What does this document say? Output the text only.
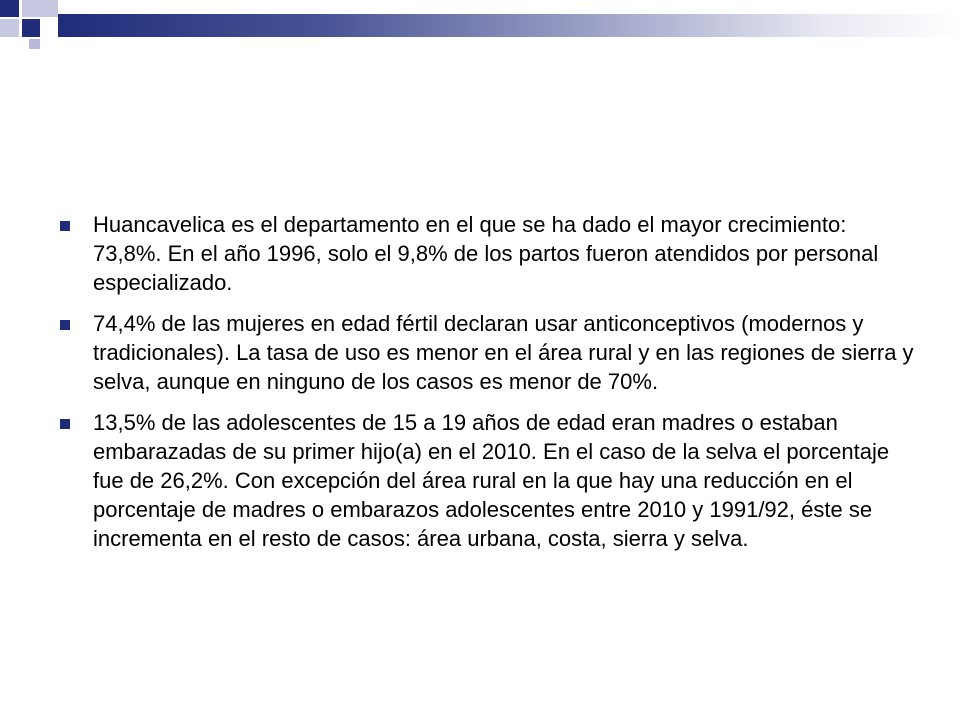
Huancavelica es el departamento en el que se ha dado el mayor crecimiento: 73,8%. En el año 1996, solo el 9,8% de los partos fueron atendidos por personal especializado.
74,4% de las mujeres en edad fértil declaran usar anticonceptivos (modernos y tradicionales). La tasa de uso es menor en el área rural y en las regiones de sierra y selva, aunque en ninguno de los casos es menor de 70%.
13,5% de las adolescentes de 15 a 19 años de edad eran madres o estaban embarazadas de su primer hijo(a) en el 2010. En el caso de la selva el porcentaje fue de 26,2%. Con excepción del área rural en la que hay una reducción en el porcentaje de madres o embarazos adolescentes entre 2010 y 1991/92, éste se incrementa en el resto de casos: área urbana, costa, sierra y selva.
